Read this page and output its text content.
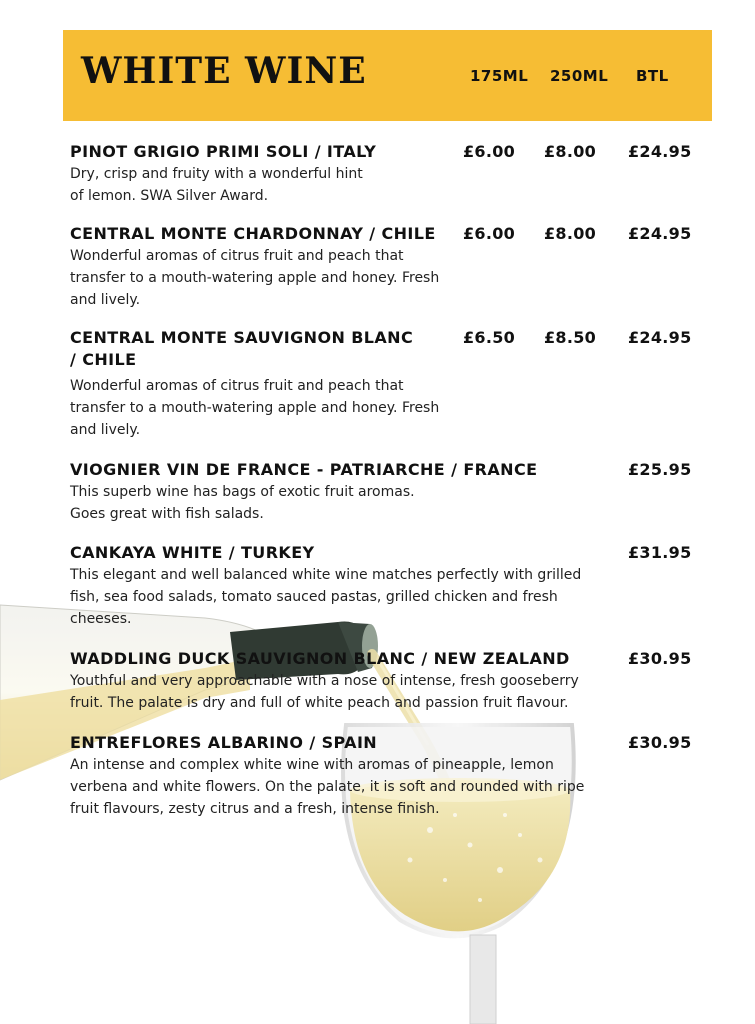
WHITE WINE	175ML 250ML BTL

PINOT GRIGIO PRIMI SOLI / ITALY

Dry, crisp and fruity with a wonderful hint

of lemon. SWA Silver Award.

£6.00 £8.00 £24.95

CENTRAL MONTE CHARDONNAY / CHILE

Wonderful aromas of citrus fruit and peach that

transfer to a mouth-watering apple and honey. Fresh

and lively.

£6.00 £8.00 £24.95

CENTRAL MONTE SAUVIGNON BLANC

/ CHILE

Wonderful aromas of citrus fruit and peach that

transfer to a mouth-watering apple and honey. Fresh

and lively.

£6.50 £8.50 £24.95

VIOGNIER VIN DE FRANCE - PATRIARCHE / FRANCE

This superb wine has bags of exotic fruit aromas.

Goes great with fish salads.

£25.95

CANKAYA WHITE / TURKEY

This elegant and well balanced white wine matches perfectly with grilled

fish, sea food salads, tomato sauced pastas, grilled chicken and fresh

cheeses.

£31.95

WADDLING DUCK SAUVIGNON BLANC / NEW ZEALAND

Youthful and very approachable with a nose of intense, fresh gooseberry

fruit. The palate is dry and full of white peach and passion fruit flavour.

£30.95

ENTREFLORES ALBARINO / SPAIN

An intense and complex white wine with aromas of pineapple, lemon

verbena and white flowers. On the palate, it is soft and rounded with ripe

fruit flavours, zesty citrus and a fresh, intense finish.

£30.95
